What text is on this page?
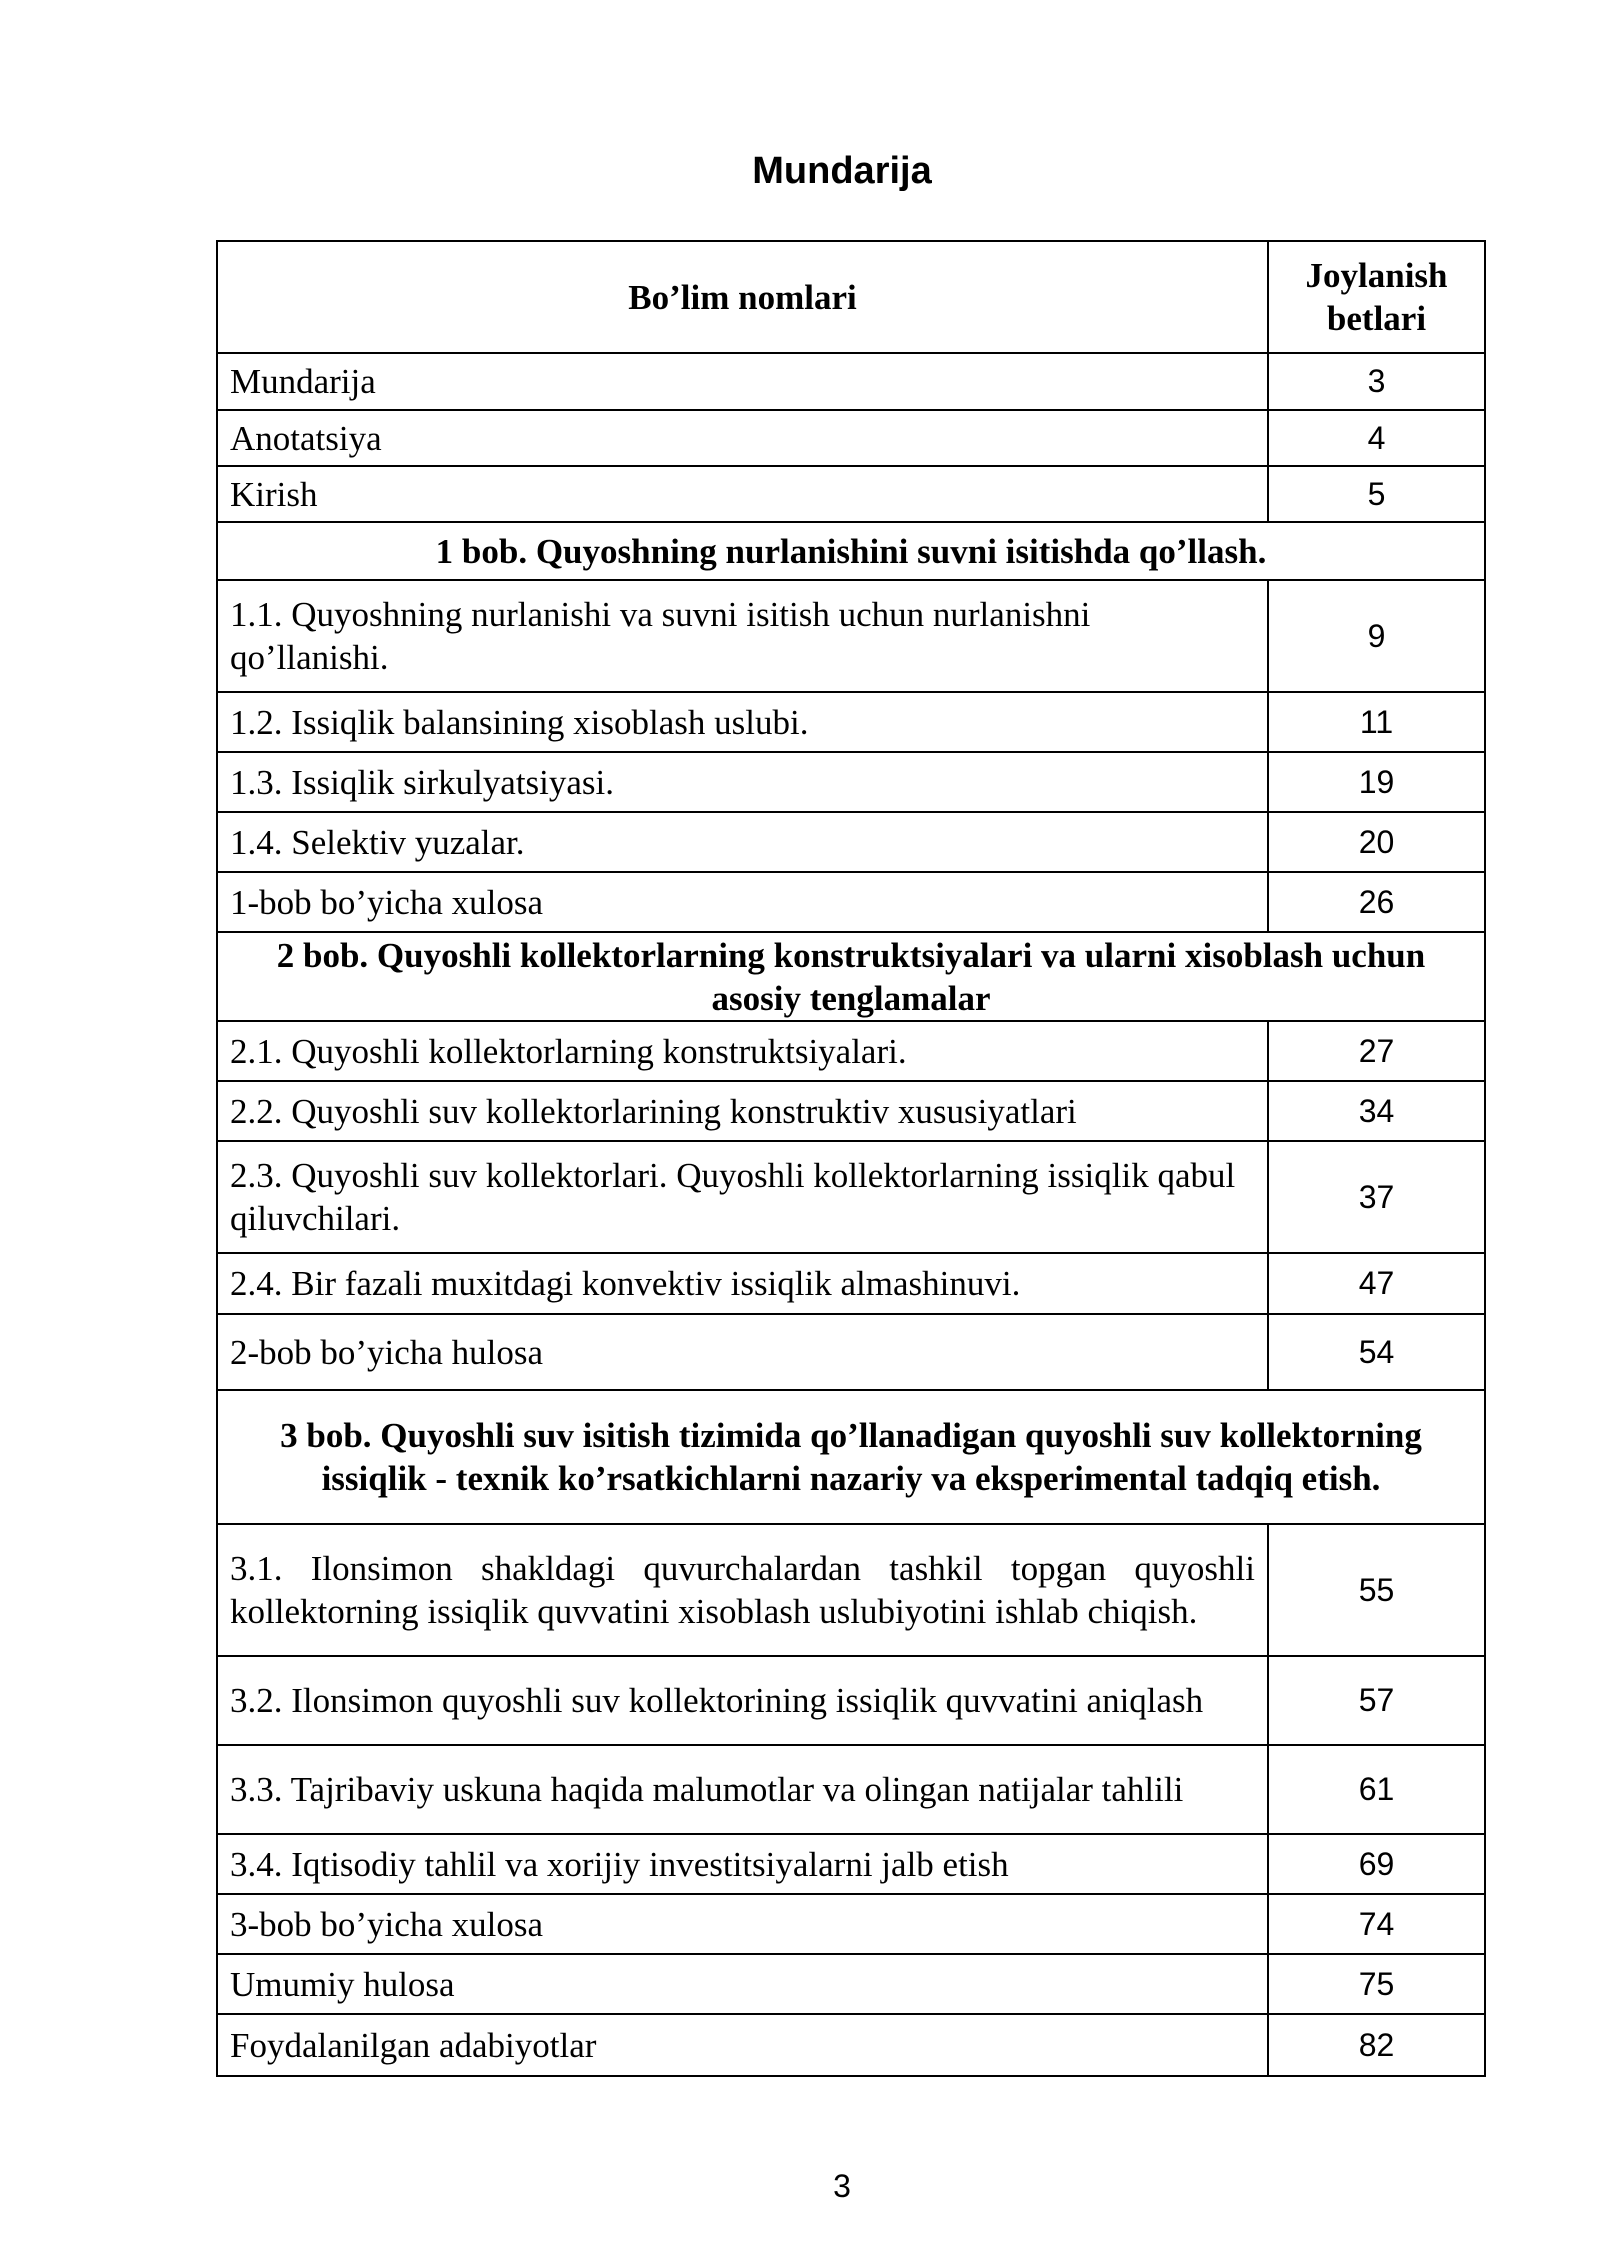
Mundarija
Bo’lim nomlari	Joylanish betlari
Mundarija	3
Anotatsiya	4
Kirish	5
1 bob. Quyoshning nurlanishini suvni isitishda qo’llash.	
1.1. Quyoshning nurlanishi va suvni isitish uchun nurlanishni qo’llanishi.	9
1.2. Issiqlik balansining xisoblash uslubi.	11
1.3. Issiqlik sirkulyatsiyasi.	19
1.4. Selektiv yuzalar.	20
1-bob bo’yicha xulosa	26
2 bob. Quyoshli kollektorlarning konstruktsiyalari va ularni xisoblash uchun asosiy tenglamalar	
2.1. Quyoshli kollektorlarning konstruktsiyalari.	27
2.2. Quyoshli suv kollektorlarining konstruktiv xususiyatlari	34
2.3. Quyoshli suv kollektorlari. Quyoshli kollektorlarning issiqlik qabul qiluvchilari.	37
2.4. Bir fazali muxitdagi konvektiv issiqlik almashinuvi.	47
2-bob bo’yicha hulosa	54
3 bob. Quyoshli suv isitish tizimida qo’llanadigan quyoshli suv kollektorning issiqlik - texnik ko’rsatkichlarni nazariy va eksperimental tadqiq etish.	
3.1. Ilonsimon shakldagi quvurchalardan tashkil topgan quyoshli kollektorning issiqlik quvvatini xisoblash uslubiyotini ishlab chiqish.	55
3.2. Ilonsimon quyoshli suv kollektorining issiqlik quvvatini aniqlash	57
3.3. Tajribaviy uskuna haqida malumotlar va olingan natijalar tahlili	61
3.4. Iqtisodiy tahlil va xorijiy investitsiyalarni jalb etish	69
3-bob bo’yicha xulosa	74
Umumiy hulosa	75
Foydalanilgan adabiyotlar	82
3
